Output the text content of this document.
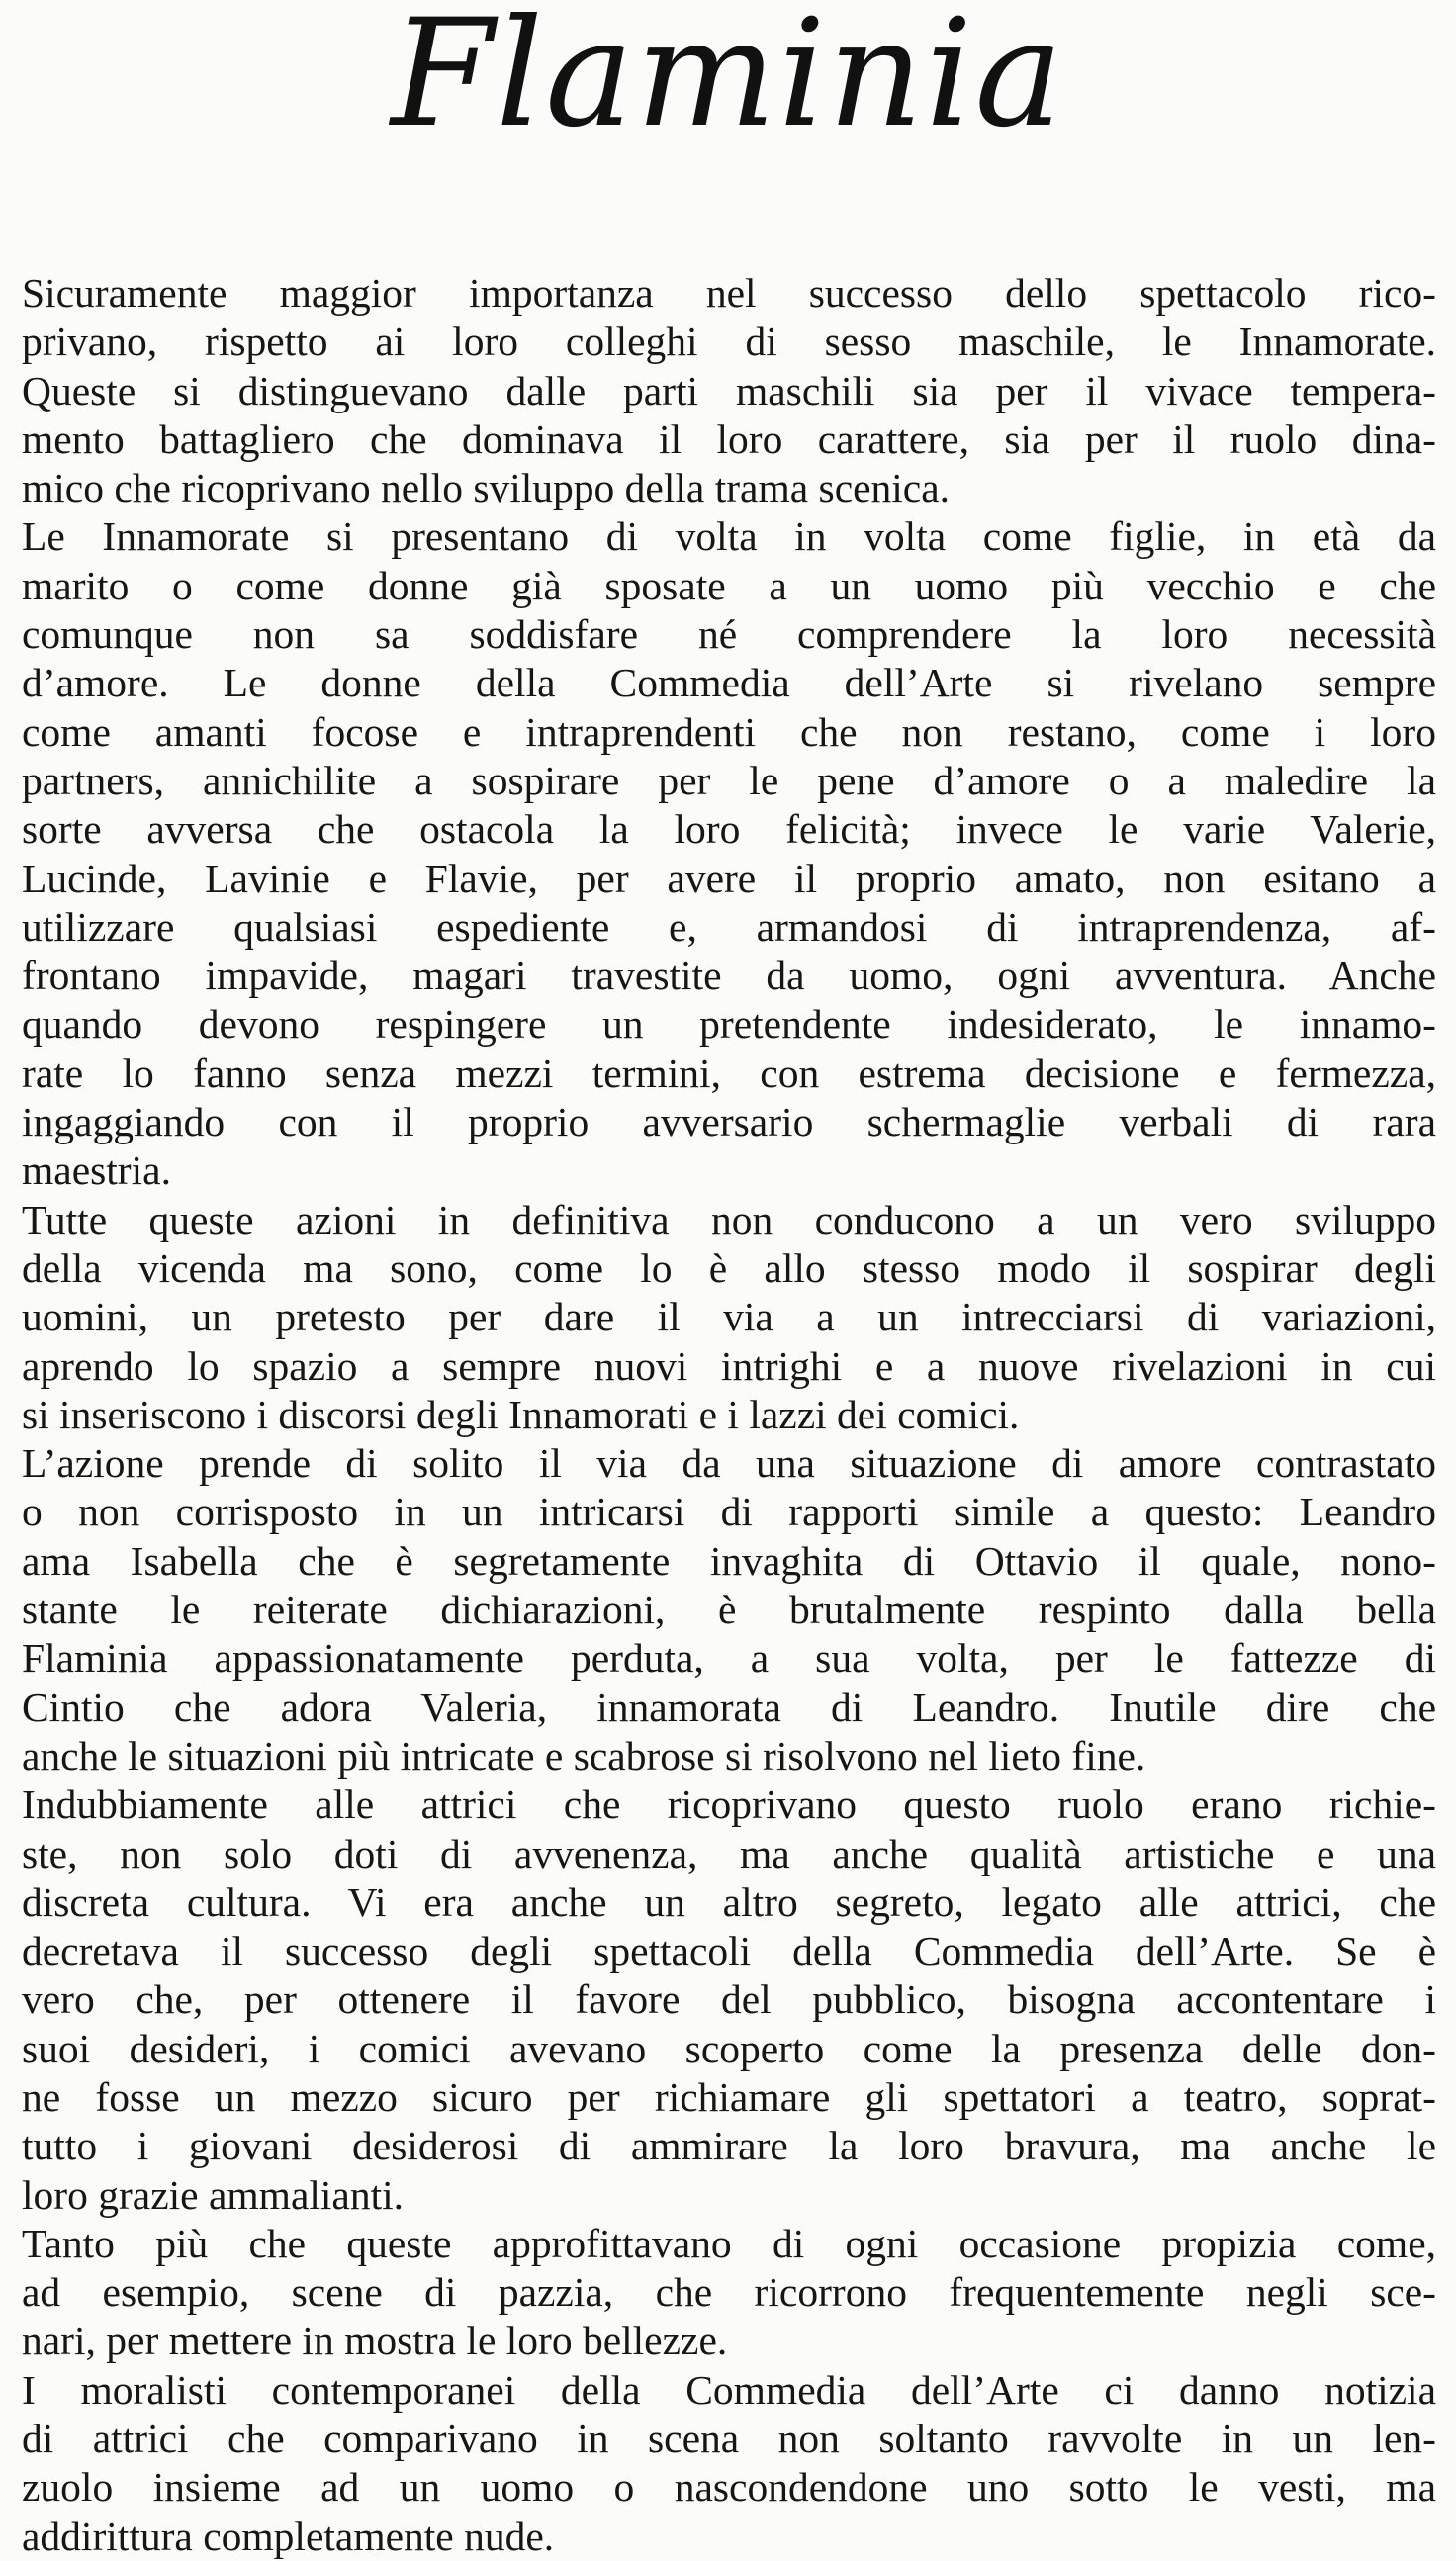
Flaminia
Sicuramente maggior importanza nel successo dello spettacolo rico-
privano, rispetto ai loro colleghi di sesso maschile, le Innamorate.
Queste si distinguevano dalle parti maschili sia per il vivace tempera-
mento battagliero che dominava il loro carattere, sia per il ruolo dina-
mico che ricoprivano nello sviluppo della trama scenica.
Le Innamorate si presentano di volta in volta come figlie, in età da
marito o come donne già sposate a un uomo più vecchio e che
comunque non sa soddisfare né comprendere la loro necessità
d’amore. Le donne della Commedia dell’Arte si rivelano sempre
come amanti focose e intraprendenti che non restano, come i loro
partners, annichilite a sospirare per le pene d’amore o a maledire la
sorte avversa che ostacola la loro felicità; invece le varie Valerie,
Lucinde, Lavinie e Flavie, per avere il proprio amato, non esitano a
utilizzare qualsiasi espediente e, armandosi di intraprendenza, af-
frontano impavide, magari travestite da uomo, ogni avventura. Anche
quando devono respingere un pretendente indesiderato, le innamo-
rate lo fanno senza mezzi termini, con estrema decisione e fermezza,
ingaggiando con il proprio avversario schermaglie verbali di rara
maestria.
Tutte queste azioni in definitiva non conducono a un vero sviluppo
della vicenda ma sono, come lo è allo stesso modo il sospirar degli
uomini, un pretesto per dare il via a un intrecciarsi di variazioni,
aprendo lo spazio a sempre nuovi intrighi e a nuove rivelazioni in cui
si inseriscono i discorsi degli Innamorati e i lazzi dei comici.
L’azione prende di solito il via da una situazione di amore contrastato
o non corrisposto in un intricarsi di rapporti simile a questo: Leandro
ama Isabella che è segretamente invaghita di Ottavio il quale, nono-
stante le reiterate dichiarazioni, è brutalmente respinto dalla bella
Flaminia appassionatamente perduta, a sua volta, per le fattezze di
Cintio che adora Valeria, innamorata di Leandro. Inutile dire che
anche le situazioni più intricate e scabrose si risolvono nel lieto fine.
Indubbiamente alle attrici che ricoprivano questo ruolo erano richie-
ste, non solo doti di avvenenza, ma anche qualità artistiche e una
discreta cultura. Vi era anche un altro segreto, legato alle attrici, che
decretava il successo degli spettacoli della Commedia dell’Arte. Se è
vero che, per ottenere il favore del pubblico, bisogna accontentare i
suoi desideri, i comici avevano scoperto come la presenza delle don-
ne fosse un mezzo sicuro per richiamare gli spettatori a teatro, soprat-
tutto i giovani desiderosi di ammirare la loro bravura, ma anche le
loro grazie ammalianti.
Tanto più che queste approfittavano di ogni occasione propizia come,
ad esempio, scene di pazzia, che ricorrono frequentemente negli sce-
nari, per mettere in mostra le loro bellezze.
I moralisti contemporanei della Commedia dell’Arte ci danno notizia
di attrici che comparivano in scena non soltanto ravvolte in un len-
zuolo insieme ad un uomo o nascondendone uno sotto le vesti, ma
addirittura completamente nude.
